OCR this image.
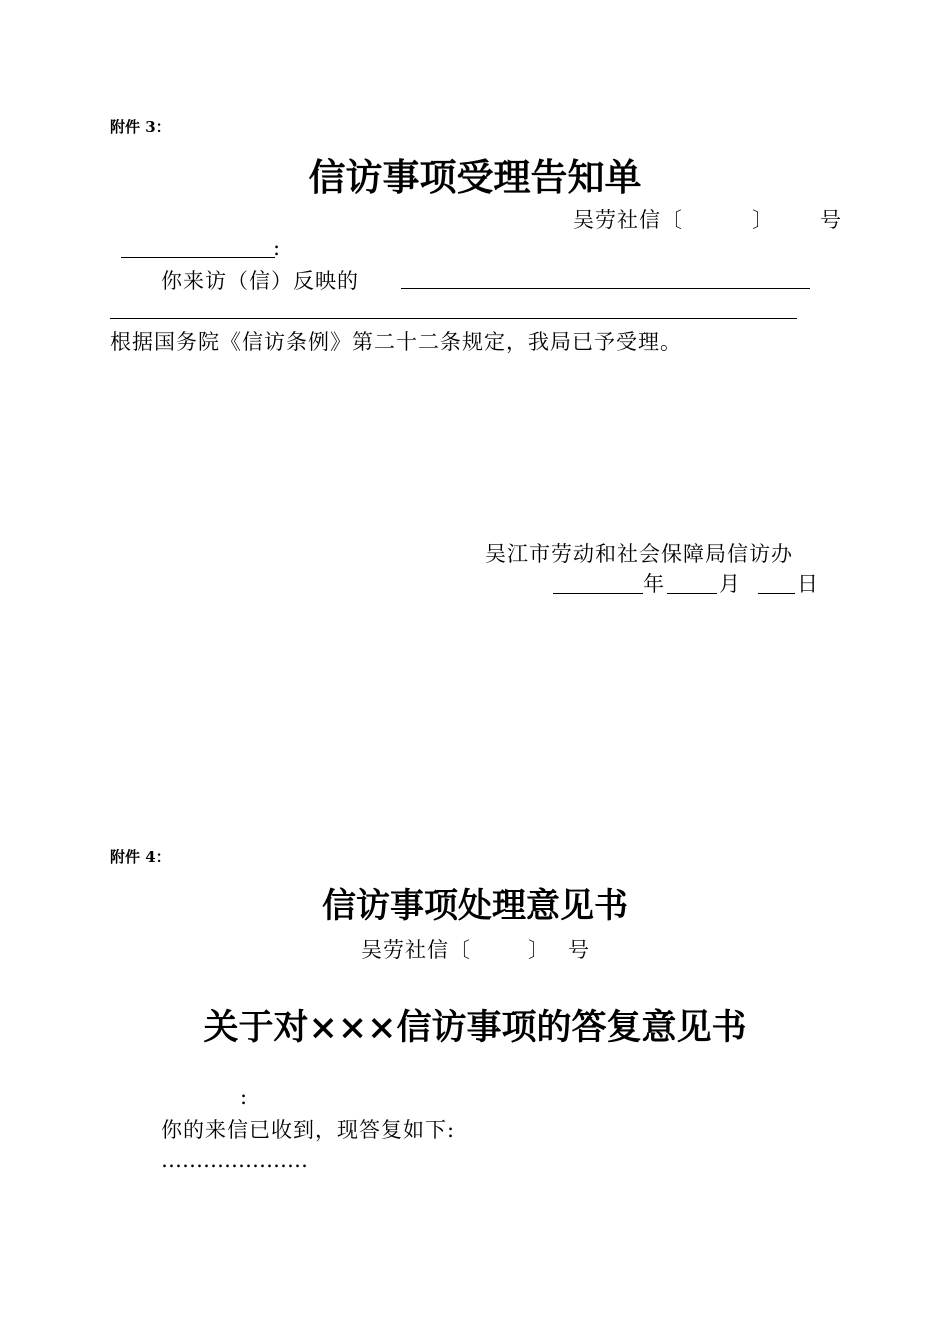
附件 3：
信访事项受理告知单
吴劳社信〔	〕 号
:
你来访（信）反映的
根据国务院《信访条例》第二十二条规定，我局已予受理。
吴江市劳动和社会保障局信访办
年	月	日
附件 4：
信访事项处理意见书
吴劳社信〔	〕 号
关于对×××信访事项的答复意见书
:
你的来信已收到，现答复如下:
…………………
